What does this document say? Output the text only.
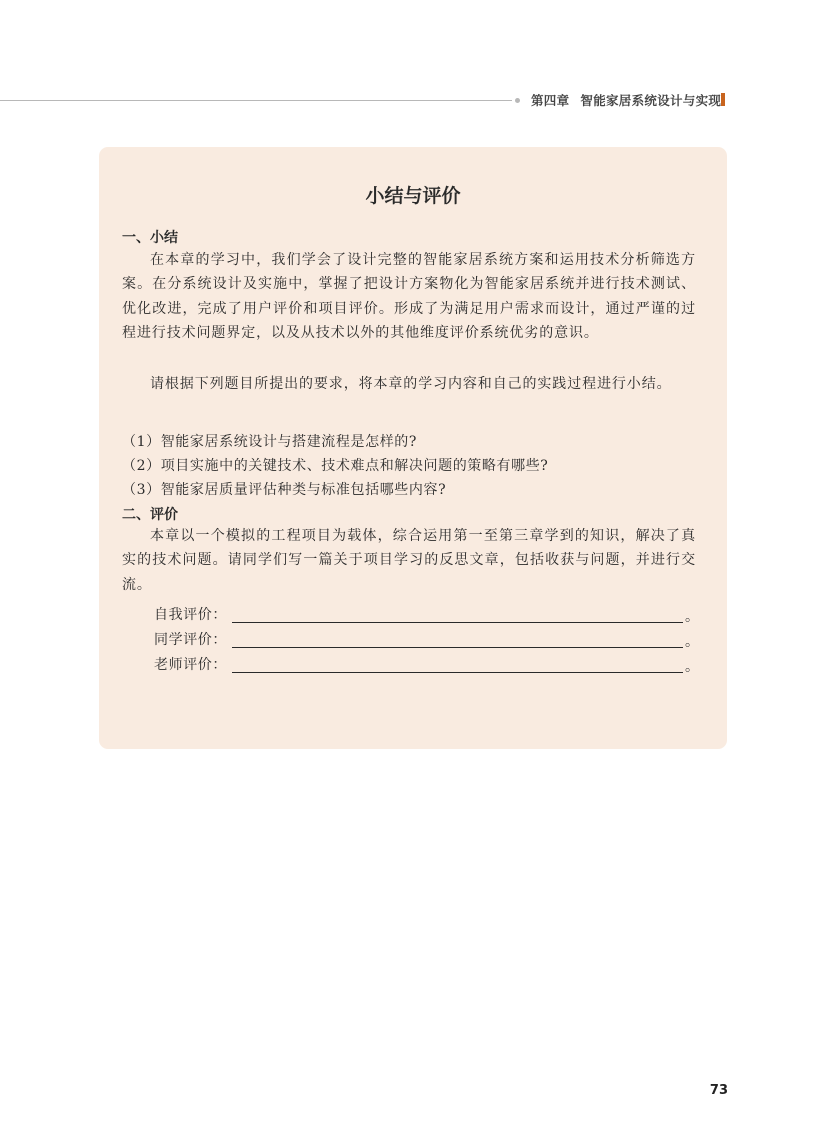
第四章 智能家居系统设计与实现
小结与评价
一、小结

在本章的学习中，我们学会了设计完整的智能家居系统方案和运用技术分析筛选方案。在分系统设计及实施中，掌握了把设计方案物化为智能家居系统并进行技术测试、优化改进，完成了用户评价和项目评价。形成了为满足用户需求而设计，通过严谨的过程进行技术问题界定，以及从技术以外的其他维度评价系统优劣的意识。

请根据下列题目所提出的要求，将本章的学习内容和自己的实践过程进行小结。

（1）智能家居系统设计与搭建流程是怎样的?
（2）项目实施中的关键技术、技术难点和解决问题的策略有哪些?
（3）智能家居质量评估种类与标准包括哪些内容?
二、评价

本章以一个模拟的工程项目为载体，综合运用第一至第三章学到的知识，解决了真实的技术问题。请同学们写一篇关于项目学习的反思文章，包括收获与问题，并进行交流。

自我评价：	。
同学评价：	。
老师评价：	。
73
